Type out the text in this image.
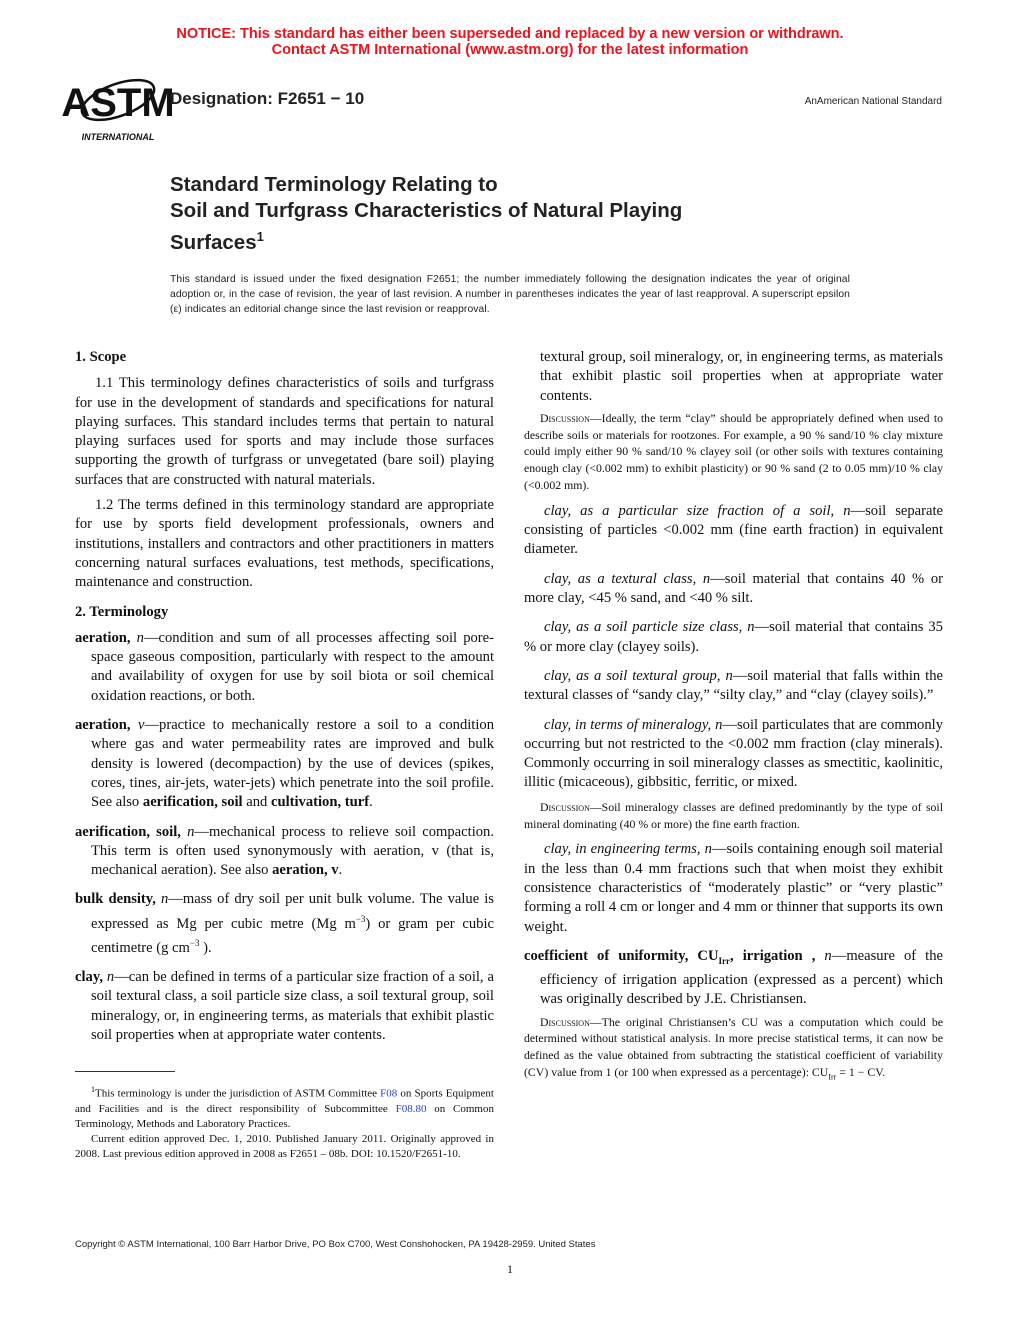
NOTICE: This standard has either been superseded and replaced by a new version or withdrawn.
Contact ASTM International (www.astm.org) for the latest information
ASTM
INTERNATIONAL
Designation: F2651 − 10	AnAmerican National Standard
Standard Terminology Relating to
Soil and Turfgrass Characteristics of Natural Playing
Surfaces$^1$
This standard is issued under the fixed designation F2651; the number immediately following the designation indicates the year of original adoption or, in the case of revision, the year of last revision. A number in parentheses indicates the year of last reapproval. A superscript epsilon (ε) indicates an editorial change since the last revision or reapproval.
1. Scope

1.1 This terminology defines characteristics of soils and turfgrass for use in the development of standards and specifications for natural playing surfaces. This standard includes terms that pertain to natural playing surfaces used for sports and may include those surfaces supporting the growth of turfgrass or unvegetated (bare soil) playing surfaces that are constructed with natural materials.

1.2 The terms defined in this terminology standard are appropriate for use by sports field development professionals, owners and institutions, installers and contractors and other practitioners in matters concerning natural surfaces evaluations, test methods, specifications, maintenance and construction.

2. Terminology

aeration, n—condition and sum of all processes affecting soil pore-space gaseous composition, particularly with respect to the amount and availability of oxygen for use by soil biota or soil chemical oxidation reactions, or both.

aeration, v—practice to mechanically restore a soil to a condition where gas and water permeability rates are improved and bulk density is lowered (decompaction) by the use of devices (spikes, cores, tines, air-jets, water-jets) which penetrate into the soil profile. See also aerification, soil and cultivation, turf.

aerification, soil, n—mechanical process to relieve soil compaction. This term is often used synonymously with aeration, v (that is, mechanical aeration). See also aeration, v.

bulk density, n—mass of dry soil per unit bulk volume. The value is expressed as Mg per cubic metre (Mg $m^{-3}$) or gram per cubic centimetre (g $cm^{-3}$ ).

clay, n—can be defined in terms of a particular size fraction of a soil, a soil textural class, a soil particle size class, a soil textural group, soil mineralogy, or, in engineering terms, as materials that exhibit plastic soil properties when at appropriate water contents.

textural group, soil mineralogy, or, in engineering terms, as materials that exhibit plastic soil properties when at appropriate water contents.

Discussion—Ideally, the term “clay” should be appropriately defined when used to describe soils or materials for rootzones. For example, a 90 % sand/10 % clay mixture could imply either 90 % sand/10 % clayey soil (or other soils with textures containing enough clay (<0.002 mm) to exhibit plasticity) or 90 % sand (2 to 0.05 mm)/10 % clay (<0.002 mm).

clay, as a particular size fraction of a soil, n—soil separate consisting of particles <0.002 mm (fine earth fraction) in equivalent diameter.

clay, as a textural class, n—soil material that contains 40 % or more clay, <45 % sand, and <40 % silt.

clay, as a soil particle size class, n—soil material that contains 35 % or more clay (clayey soils).

clay, as a soil textural group, n—soil material that falls within the textural classes of “sandy clay,” “silty clay,” and “clay (clayey soils).”

clay, in terms of mineralogy, n—soil particulates that are commonly occurring but not restricted to the <0.002 mm fraction (clay minerals). Commonly occurring in soil mineralogy classes as smectitic, kaolinitic, illitic (micaceous), gibbsitic, ferritic, or mixed.

Discussion—Soil mineralogy classes are defined predominantly by the type of soil mineral dominating (40 % or more) the fine earth fraction.

clay, in engineering terms, n—soils containing enough soil material in the less than 0.4 mm fractions such that when moist they exhibit consistence characteristics of “moderately plastic” or “very plastic” forming a roll 4 cm or longer and 4 mm or thinner that supports its own weight.

coefficient of uniformity, $CU_{Irr}$, irrigation , n—measure of the efficiency of irrigation application (expressed as a percent) which was originally described by J.E. Christiansen.

Discussion—The original Christiansen’s CU was a computation which could be determined without statistical analysis. In more precise statistical terms, it can now be defined as the value obtained from subtracting the statistical coefficient of variability (CV) value from 1 (or 100 when expressed as a percentage): $CU_{Irr} = 1$ − CV.

$^1$This terminology is under the jurisdiction of ASTM Committee F08 on Sports Equipment and Facilities and is the direct responsibility of Subcommittee F08.80 on Common Terminology, Methods and Laboratory Practices.

Current edition approved Dec. 1, 2010. Published January 2011. Originally approved in 2008. Last previous edition approved in 2008 as F2651 – 08b. DOI: 10.1520/F2651-10.

Copyright © ASTM International, 100 Barr Harbor Drive, PO Box C700, West Conshohocken, PA 19428-2959. United States
1
